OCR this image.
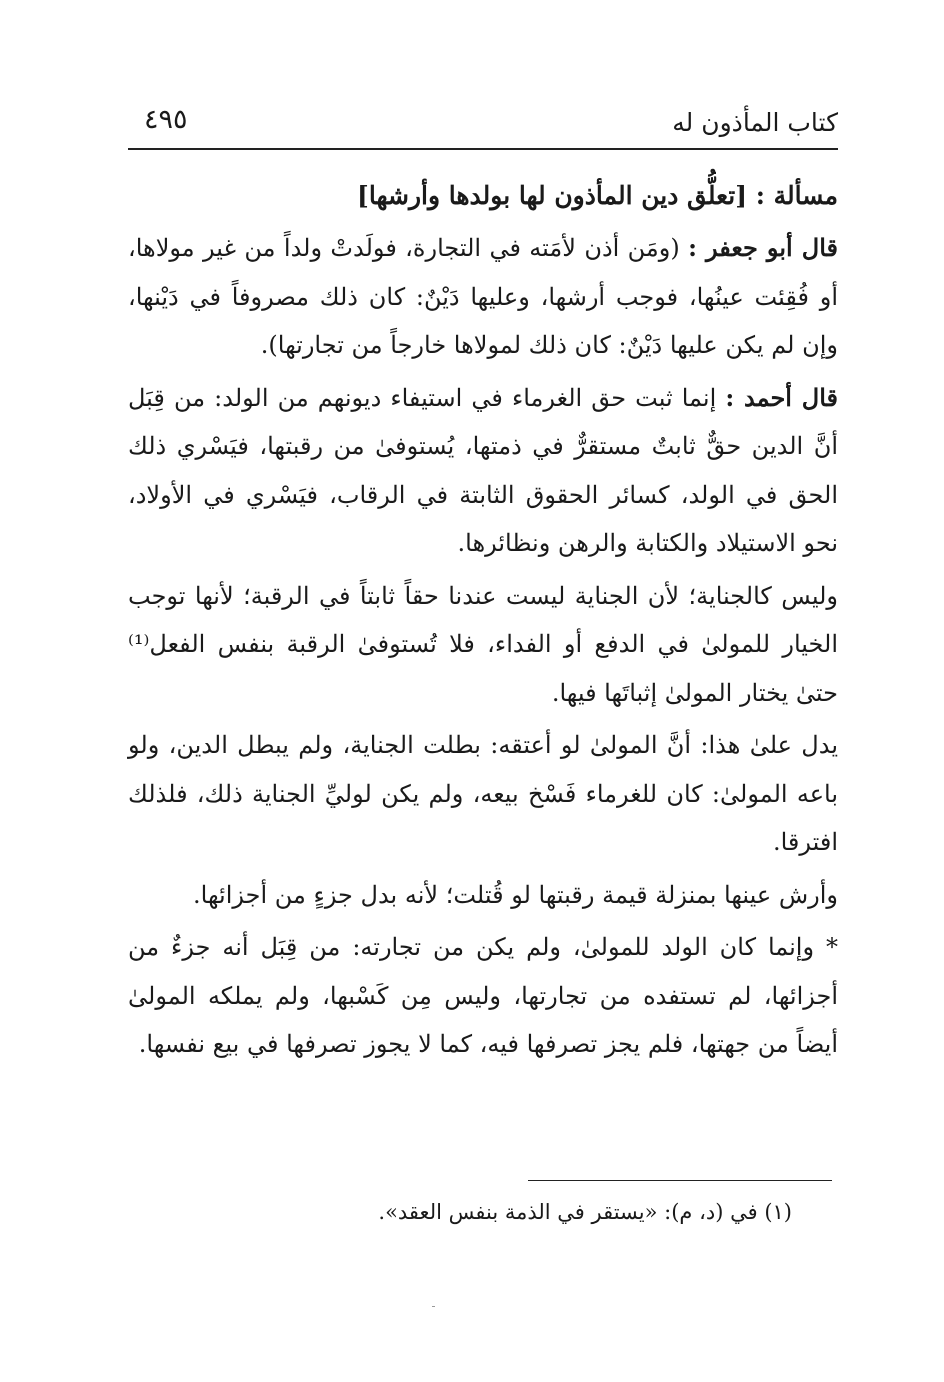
كتاب المأذون له
٤٩٥
مسألة : [تعلُّق دين المأذون لها بولدها وأرشها]

قال أبو جعفر : (ومَن أذن لأمَته في التجارة، فولَدتْ ولداً من غير مولاها، أو فُقِئت عينُها، فوجب أرشها، وعليها دَيْنٌ: كان ذلك مصروفاً في دَيْنها، وإن لم يكن عليها دَيْنٌ: كان ذلك لمولاها خارجاً من تجارتها).

قال أحمد : إنما ثبت حق الغرماء في استيفاء ديونهم من الولد: من قِبَل أنَّ الدين حقٌّ ثابتٌ مستقرٌّ في ذمتها، يُستوفىٰ من رقبتها، فيَسْري ذلك الحق في الولد، كسائر الحقوق الثابتة في الرقاب، فيَسْري في الأولاد، نحو الاستيلاد والكتابة والرهن ونظائرها.

وليس كالجناية؛ لأن الجناية ليست عندنا حقاً ثابتاً في الرقبة؛ لأنها توجب الخيار للمولىٰ في الدفع أو الفداء، فلا تُستوفىٰ الرقبة بنفس الفعل⁽¹⁾ حتىٰ يختار المولىٰ إثباتَها فيها.

يدل علىٰ هذا: أنَّ المولىٰ لو أعتقه: بطلت الجناية، ولم يبطل الدين، ولو باعه المولىٰ: كان للغرماء فَسْخ بيعه، ولم يكن لوليِّ الجناية ذلك، فلذلك افترقا.

وأرش عينها بمنزلة قيمة رقبتها لو قُتلت؛ لأنه بدل جزءٍ من أجزائها.

* وإنما كان الولد للمولىٰ، ولم يكن من تجارته: من قِبَل أنه جزءٌ من أجزائها، لم تستفده من تجارتها، وليس مِن كَسْبها، ولم يملكه المولىٰ أيضاً من جهتها، فلم يجز تصرفها فيه، كما لا يجوز تصرفها في بيع نفسها.

(١) في (د، م): «يستقر في الذمة بنفس العقد».
